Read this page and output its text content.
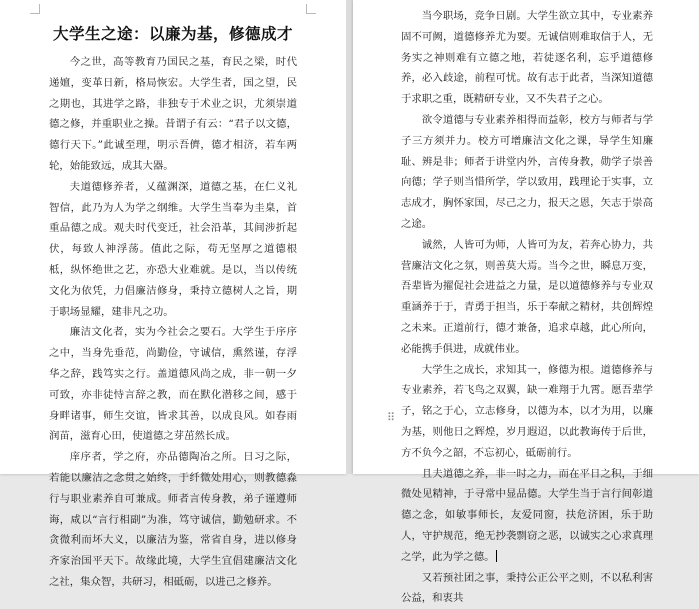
大学生之途：以廉为基，修德成才

今之世，高等教育乃国民之基，育民之梁，时代递嬗，变革日新，格局恢宏。大学生者，国之望，民之期也，其进学之路，非独专于术业之识，尤须崇道德之修，并重职业之操。昔谓子有云：“君子以文德，德行天下。”此诚至理，明示吾儕，德才相济，若车两轮，始能致远，成其大器。

夫道德修养者，乂蕴渊深，道德之基，在仁义礼智信，此乃为人为学之纲维。大学生当奉为圭臬，首重品德之成。观夫时代变迁，社会沿革，其间涉折起伏，每致人神浮荡。值此之际，苟无坚厚之道德根柢，纵怀绝世之艺，亦恐大业难就。是以，当以传统文化为依凭，力倡廉洁修身，秉持立德树人之旨，期于职场显耀，建非凡之功。

廉洁文化者，实为今社会之要石。大学生于序序之中，当身先垂范，尚勤俭，守诚信，熏然谨，存浮华之辞，践笃实之行。盖道德风尚之成，非一朝一夕可致，亦非徒恃言辞之教，而在默化潜移之间，感于身畔诸事，师生交谊，皆求其善，以成良风。如春雨润苗，滋育心田，使道德之芽茁然长成。

庠序者，学之府，亦品德陶冶之所。日习之际，若能以廉洁之念贯之始终，于纤微处用心，则教德淼行与职业素养自可兼成。师者言传身教，弟子谨遵师诲，咸以“言行相副”为准，笃守诚信，勤勉研求。不贪微利而坏大义，以廉洁为鉴，常省自身，进以修身齐家治国平天下。故缘此境，大学生宜倡建廉洁文化之社，集众智，共研习，相砥砺，以进己之修养。

当今职场，竞争日剧。大学生欲立其中，专业素养固不可阙，道德修养尤为要。无诚信则难取信于人，无务实之神则难有立德之地，若徒逐名利，忘乎道德修养，必入歧途，前程可忧。故有志于此者，当深知道德于求职之重，既精研专业，又不失君子之心。

欲令道德与专业素养相得而益彰，校方与师者与学子三方须并力。校方可增廉洁文化之课，导学生知廉耻、辨是非；师者于讲堂内外，言传身教，勋学子崇善向德；学子则当惜所学，学以致用，践理论于实事，立志成才，胸怀家国，尽己之力，报天之恩，矢志于崇高之途。

诚然，人皆可为师，人皆可为友，若奔心协力，共营廉洁文化之氛，则善莫大焉。当今之世，瞬息万变，吾辈皆为擢促社会进益之力量，是以道德修养与专业双重涵养于于，青勇于担当，乐于奉献之精材，共创辉煌之未来。正道前行，德才兼备，追求卓越，此心所向，必能携手俱进，成就伟业。

大学生之成长，求知其一，修德为根。道德修养与专业素养，若飞鸟之双翼，缺一难翔于九霄。愿吾辈学子，铭之于心，立志修身，以德为本，以才为用，以廉为基，则他日之辉煌，岁月遐迢，以此教诲传于后世，方不负今之韶，不忘初心，砥砺前行。

且夫道德之养，非一时之力，而在平日之积，于细微处见精神，于寻常中显品德。大学生当于言行间彰道德之念，如敏事师长，友爱同窗，扶危济困，乐于助人，守护规范，绝无抄袭剽窃之恶，以诚实之心求真理之学，此为学之德。

又若预社团之事，秉持公正公平之则，不以私利害公益，和衷共

⠿
